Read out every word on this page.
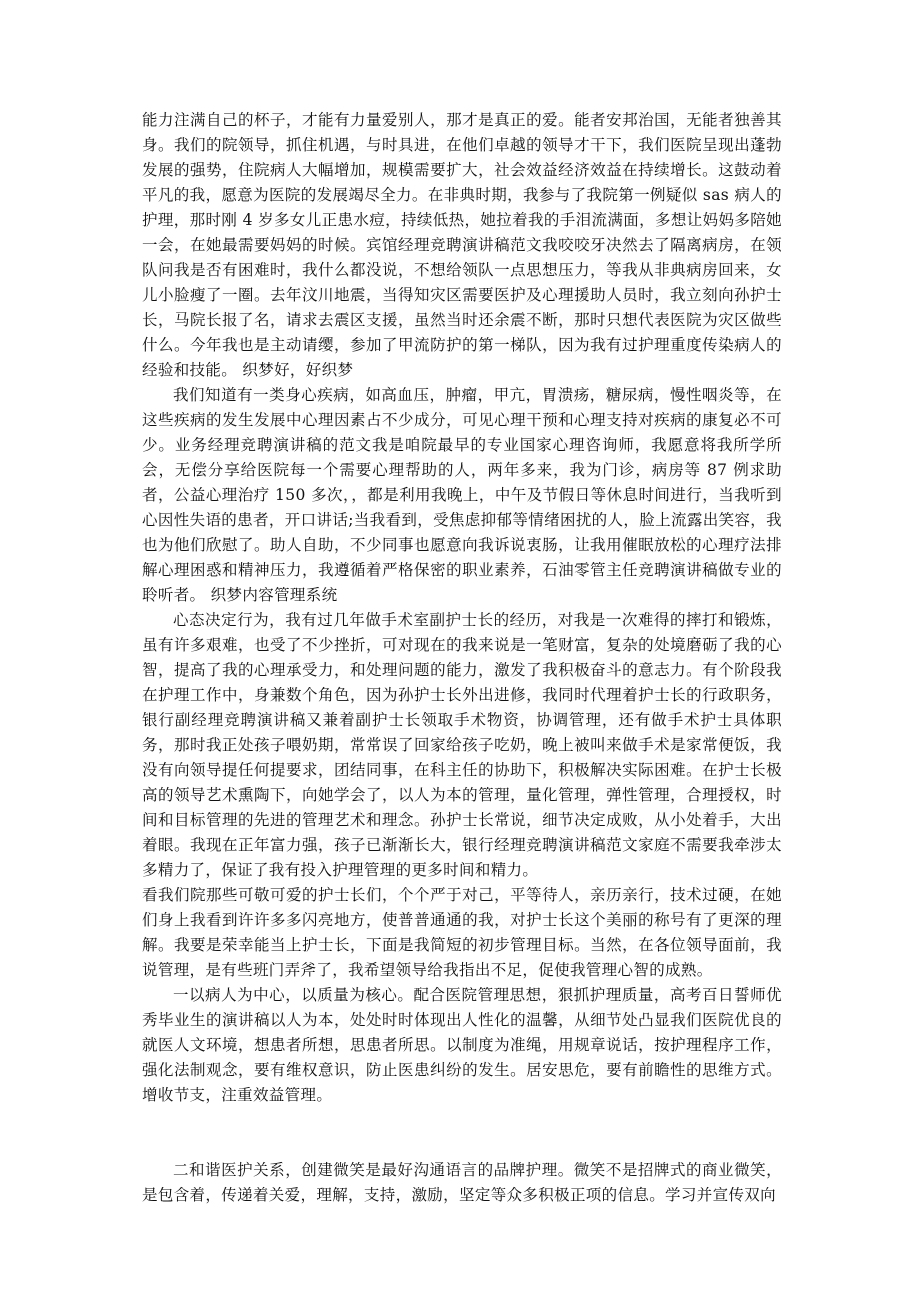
能力注满自己的杯子，才能有力量爱别人，那才是真正的爱。能者安邦治国，无能者独善其身。我们的院领导，抓住机遇，与时具进，在他们卓越的领导才干下，我们医院呈现出蓬勃发展的强势，住院病人大幅增加，规模需要扩大，社会效益经济效益在持续增长。这鼓动着平凡的我，愿意为医院的发展竭尽全力。在非典时期，我参与了我院第一例疑似 sas 病人的护理，那时刚 4 岁多女儿正患水痘，持续低热，她拉着我的手泪流满面，多想让妈妈多陪她一会，在她最需要妈妈的时候。宾馆经理竞聘演讲稿范文我咬咬牙决然去了隔离病房，在领队问我是否有困难时，我什么都没说，不想给领队一点思想压力，等我从非典病房回来，女儿小脸瘦了一圈。去年汶川地震，当得知灾区需要医护及心理援助人员时，我立刻向孙护士长，马院长报了名，请求去震区支援，虽然当时还余震不断，那时只想代表医院为灾区做些什么。今年我也是主动请缨，参加了甲流防护的第一梯队，因为我有过护理重度传染病人的经验和技能。 织梦好，好织梦

我们知道有一类身心疾病，如高血压，肿瘤，甲亢，胃溃疡，糖尿病，慢性咽炎等，在这些疾病的发生发展中心理因素占不少成分，可见心理干预和心理支持对疾病的康复必不可少。业务经理竞聘演讲稿的范文我是咱院最早的专业国家心理咨询师，我愿意将我所学所会，无偿分享给医院每一个需要心理帮助的人，两年多来，我为门诊，病房等 87 例求助者，公益心理治疗 150 多次，，都是利用我晚上，中午及节假日等休息时间进行，当我听到心因性失语的患者，开口讲话;当我看到，受焦虑抑郁等情绪困扰的人，脸上流露出笑容，我也为他们欣慰了。助人自助，不少同事也愿意向我诉说衷肠，让我用催眠放松的心理疗法排解心理困惑和精神压力，我遵循着严格保密的职业素养，石油零管主任竞聘演讲稿做专业的聆听者。 织梦内容管理系统

心态决定行为，我有过几年做手术室副护士长的经历，对我是一次难得的摔打和锻炼，虽有许多艰难，也受了不少挫折，可对现在的我来说是一笔财富，复杂的处境磨砺了我的心智，提高了我的心理承受力，和处理问题的能力，激发了我积极奋斗的意志力。有个阶段我在护理工作中，身兼数个角色，因为孙护士长外出进修，我同时代理着护士长的行政职务，银行副经理竞聘演讲稿又兼着副护士长领取手术物资，协调管理，还有做手术护士具体职务，那时我正处孩子喂奶期，常常误了回家给孩子吃奶，晚上被叫来做手术是家常便饭，我没有向领导提任何提要求，团结同事，在科主任的协助下，积极解决实际困难。在护士长极高的领导艺术熏陶下，向她学会了，以人为本的管理，量化管理，弹性管理，合理授权，时间和目标管理的先进的管理艺术和理念。孙护士长常说，细节决定成败，从小处着手，大出着眼。我现在正年富力强，孩子已渐渐长大，银行经理竞聘演讲稿范文家庭不需要我牵涉太多精力了，保证了我有投入护理管理的更多时间和精力。

看我们院那些可敬可爱的护士长们，个个严于对己，平等待人，亲历亲行，技术过硬，在她们身上我看到许许多多闪亮地方，使普普通通的我，对护士长这个美丽的称号有了更深的理解。我要是荣幸能当上护士长，下面是我简短的初步管理目标。当然，在各位领导面前，我说管理，是有些班门弄斧了，我希望领导给我指出不足，促使我管理心智的成熟。

一以病人为中心，以质量为核心。配合医院管理思想，狠抓护理质量，高考百日誓师优秀毕业生的演讲稿以人为本，处处时时体现出人性化的温馨，从细节处凸显我们医院优良的就医人文环境，想患者所想，思患者所思。以制度为准绳，用规章说话，按护理程序工作，强化法制观念，要有维权意识，防止医患纠纷的发生。居安思危，要有前瞻性的思维方式。增收节支，注重效益管理。

二和谐医护关系，创建微笑是最好沟通语言的品牌护理。微笑不是招牌式的商业微笑，是包含着，传递着关爱，理解，支持，激励，坚定等众多积极正项的信息。学习并宣传双向
